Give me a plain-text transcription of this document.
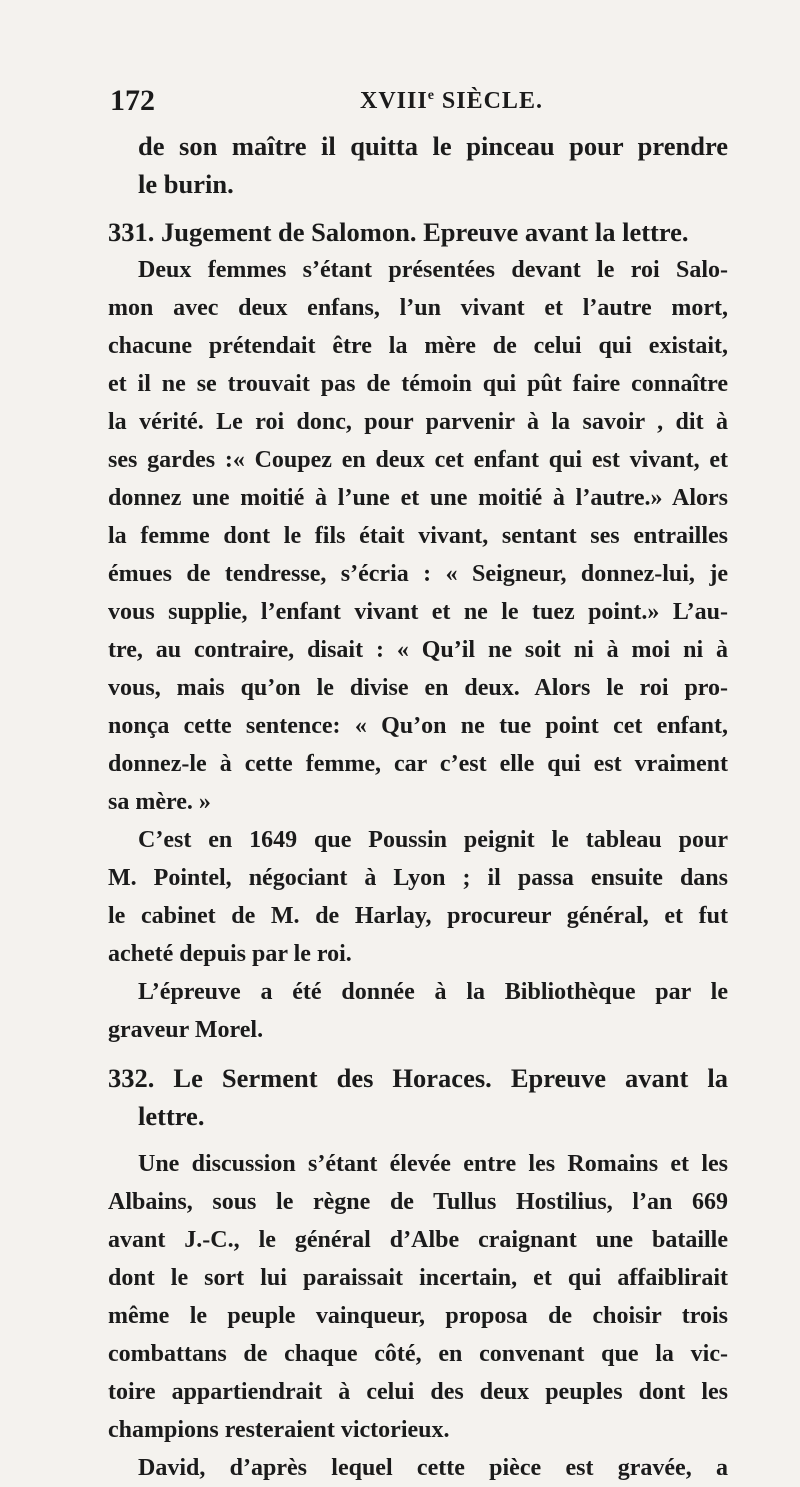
172	XVIIIe SIÈCLE.
de son maître il quitta le pinceau pour prendre
le burin.
331. Jugement de Salomon. Epreuve avant la lettre.
Deux femmes s’étant présentées devant le roi Salo-
mon avec deux enfans, l’un vivant et l’autre mort,
chacune prétendait être la mère de celui qui existait,
et il ne se trouvait pas de témoin qui pût faire connaître
la vérité. Le roi donc, pour parvenir à la savoir , dit à
ses gardes :« Coupez en deux cet enfant qui est vivant, et
donnez une moitié à l’une et une moitié à l’autre.» Alors
la femme dont le fils était vivant, sentant ses entrailles
émues de tendresse, s’écria : « Seigneur, donnez-lui, je
vous supplie, l’enfant vivant et ne le tuez point.» L’au-
tre, au contraire, disait : « Qu’il ne soit ni à moi ni à
vous, mais qu’on le divise en deux. Alors le roi pro-
nonça cette sentence: « Qu’on ne tue point cet enfant,
donnez-le à cette femme, car c’est elle qui est vraiment
sa mère. »
C’est en 1649 que Poussin peignit le tableau pour
M. Pointel, négociant à Lyon ; il passa ensuite dans
le cabinet de M. de Harlay, procureur général, et fut
acheté depuis par le roi.
L’épreuve a été donnée à la Bibliothèque par le
graveur Morel.
332. Le Serment des Horaces. Epreuve avant la
lettre.
Une discussion s’étant élevée entre les Romains et les
Albains, sous le règne de Tullus Hostilius, l’an 669
avant J.-C., le général d’Albe craignant une bataille
dont le sort lui paraissait incertain, et qui affaiblirait
même le peuple vainqueur, proposa de choisir trois
combattans de chaque côté, en convenant que la vic-
toire appartiendrait à celui des deux peuples dont les
champions resteraient victorieux.
David, d’après lequel cette pièce est gravée, a
